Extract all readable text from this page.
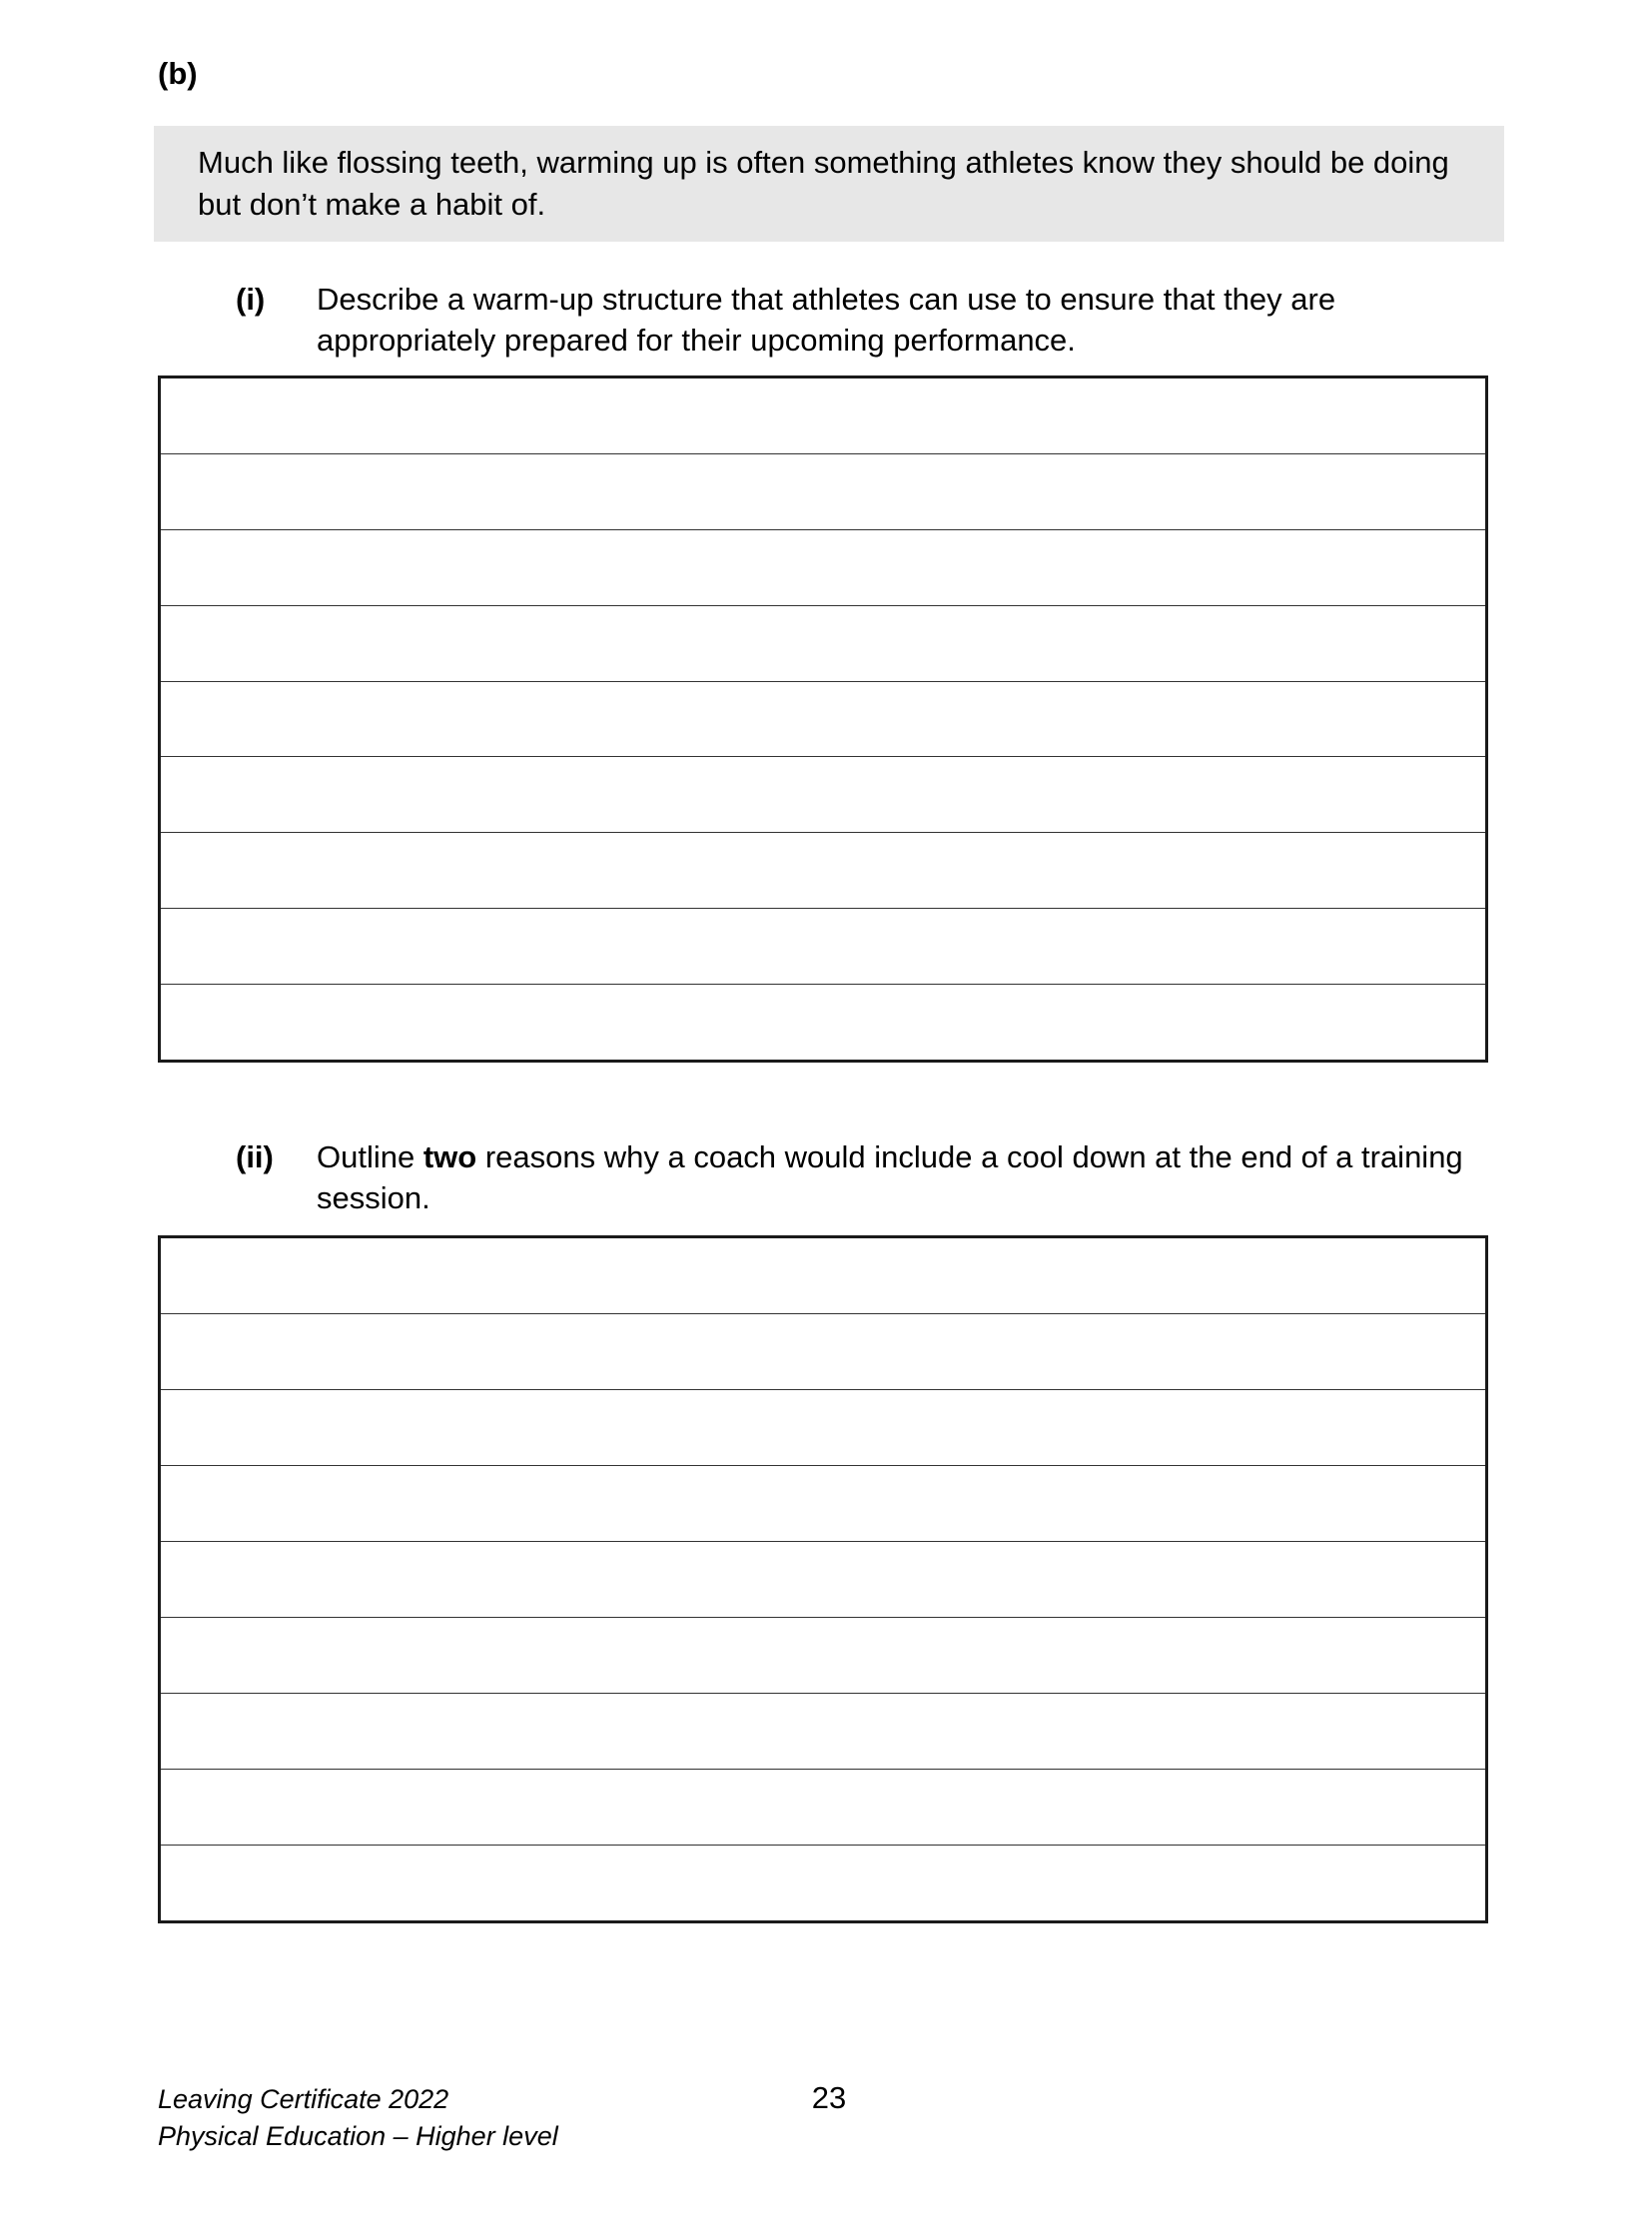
(b)
Much like flossing teeth, warming up is often something athletes know they should be doing but don’t make a habit of.
(i) Describe a warm-up structure that athletes can use to ensure that they are appropriately prepared for their upcoming performance.
(ii) Outline two reasons why a coach would include a cool down at the end of a training session.
Leaving Certificate 2022
Physical Education – Higher level
23
